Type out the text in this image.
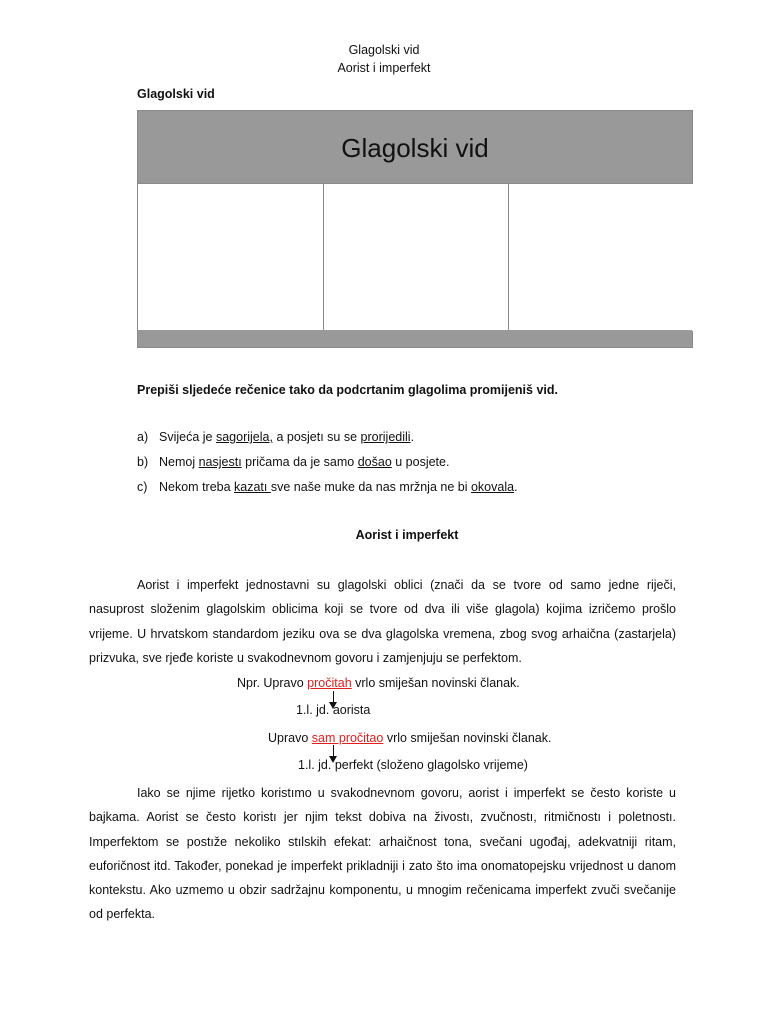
Glagolski vid
Aorist i imperfekt
Glagolski vid
Glagolski vid
Prepiši sljedeće rečenice tako da podcrtanim glagolima promijeniš vid.
a) Svijeća je sagorijela, a posjetı su se prorijedili.
b) Nemoj nasjestı pričama da je samo došao u posjete.
c) Nekom treba kazatı sve naše muke da nas mržnja ne bi okovala.
Aorist i imperfekt

Aorist i imperfekt jednostavni su glagolski oblici (znači da se tvore od samo jedne riječi, nasuprost složenim glagolskim oblicima koji se tvore od dva ili više glagola) kojima izričemo prošlo vrijeme. U hrvatskom standardom jeziku ova se dva glagolska vremena, zbog svog arhaična (zastarjela) prizvuka, sve rjeđe koriste u svakodnevnom govoru i zamjenjuju se perfektom.

Npr. Upravo pročitah vrlo smiješan novinski članak.
1.l. jd. aorista
Upravo sam pročitao vrlo smiješan novinski članak.
1.l. jd. perfekt (složeno glagolsko vrijeme)

Iako se njime rijetko koristımo u svakodnevnom govoru, aorist i imperfekt se često koriste u bajkama. Aorist se često koristı jer njim tekst dobiva na živostı, zvučnostı, ritmičnostı i poletnostı. Imperfektom se postıže nekoliko stılskih efekat: arhaičnost tona, svečani ugođaj, adekvatniji ritam, euforičnost itd. Također, ponekad je imperfekt prikladniji i zato što ima onomatopejsku vrijednost u danom kontekstu. Ako uzmemo u obzir sadržajnu komponentu, u mnogim rečenicama imperfekt zvuči svečanije od perfekta.
